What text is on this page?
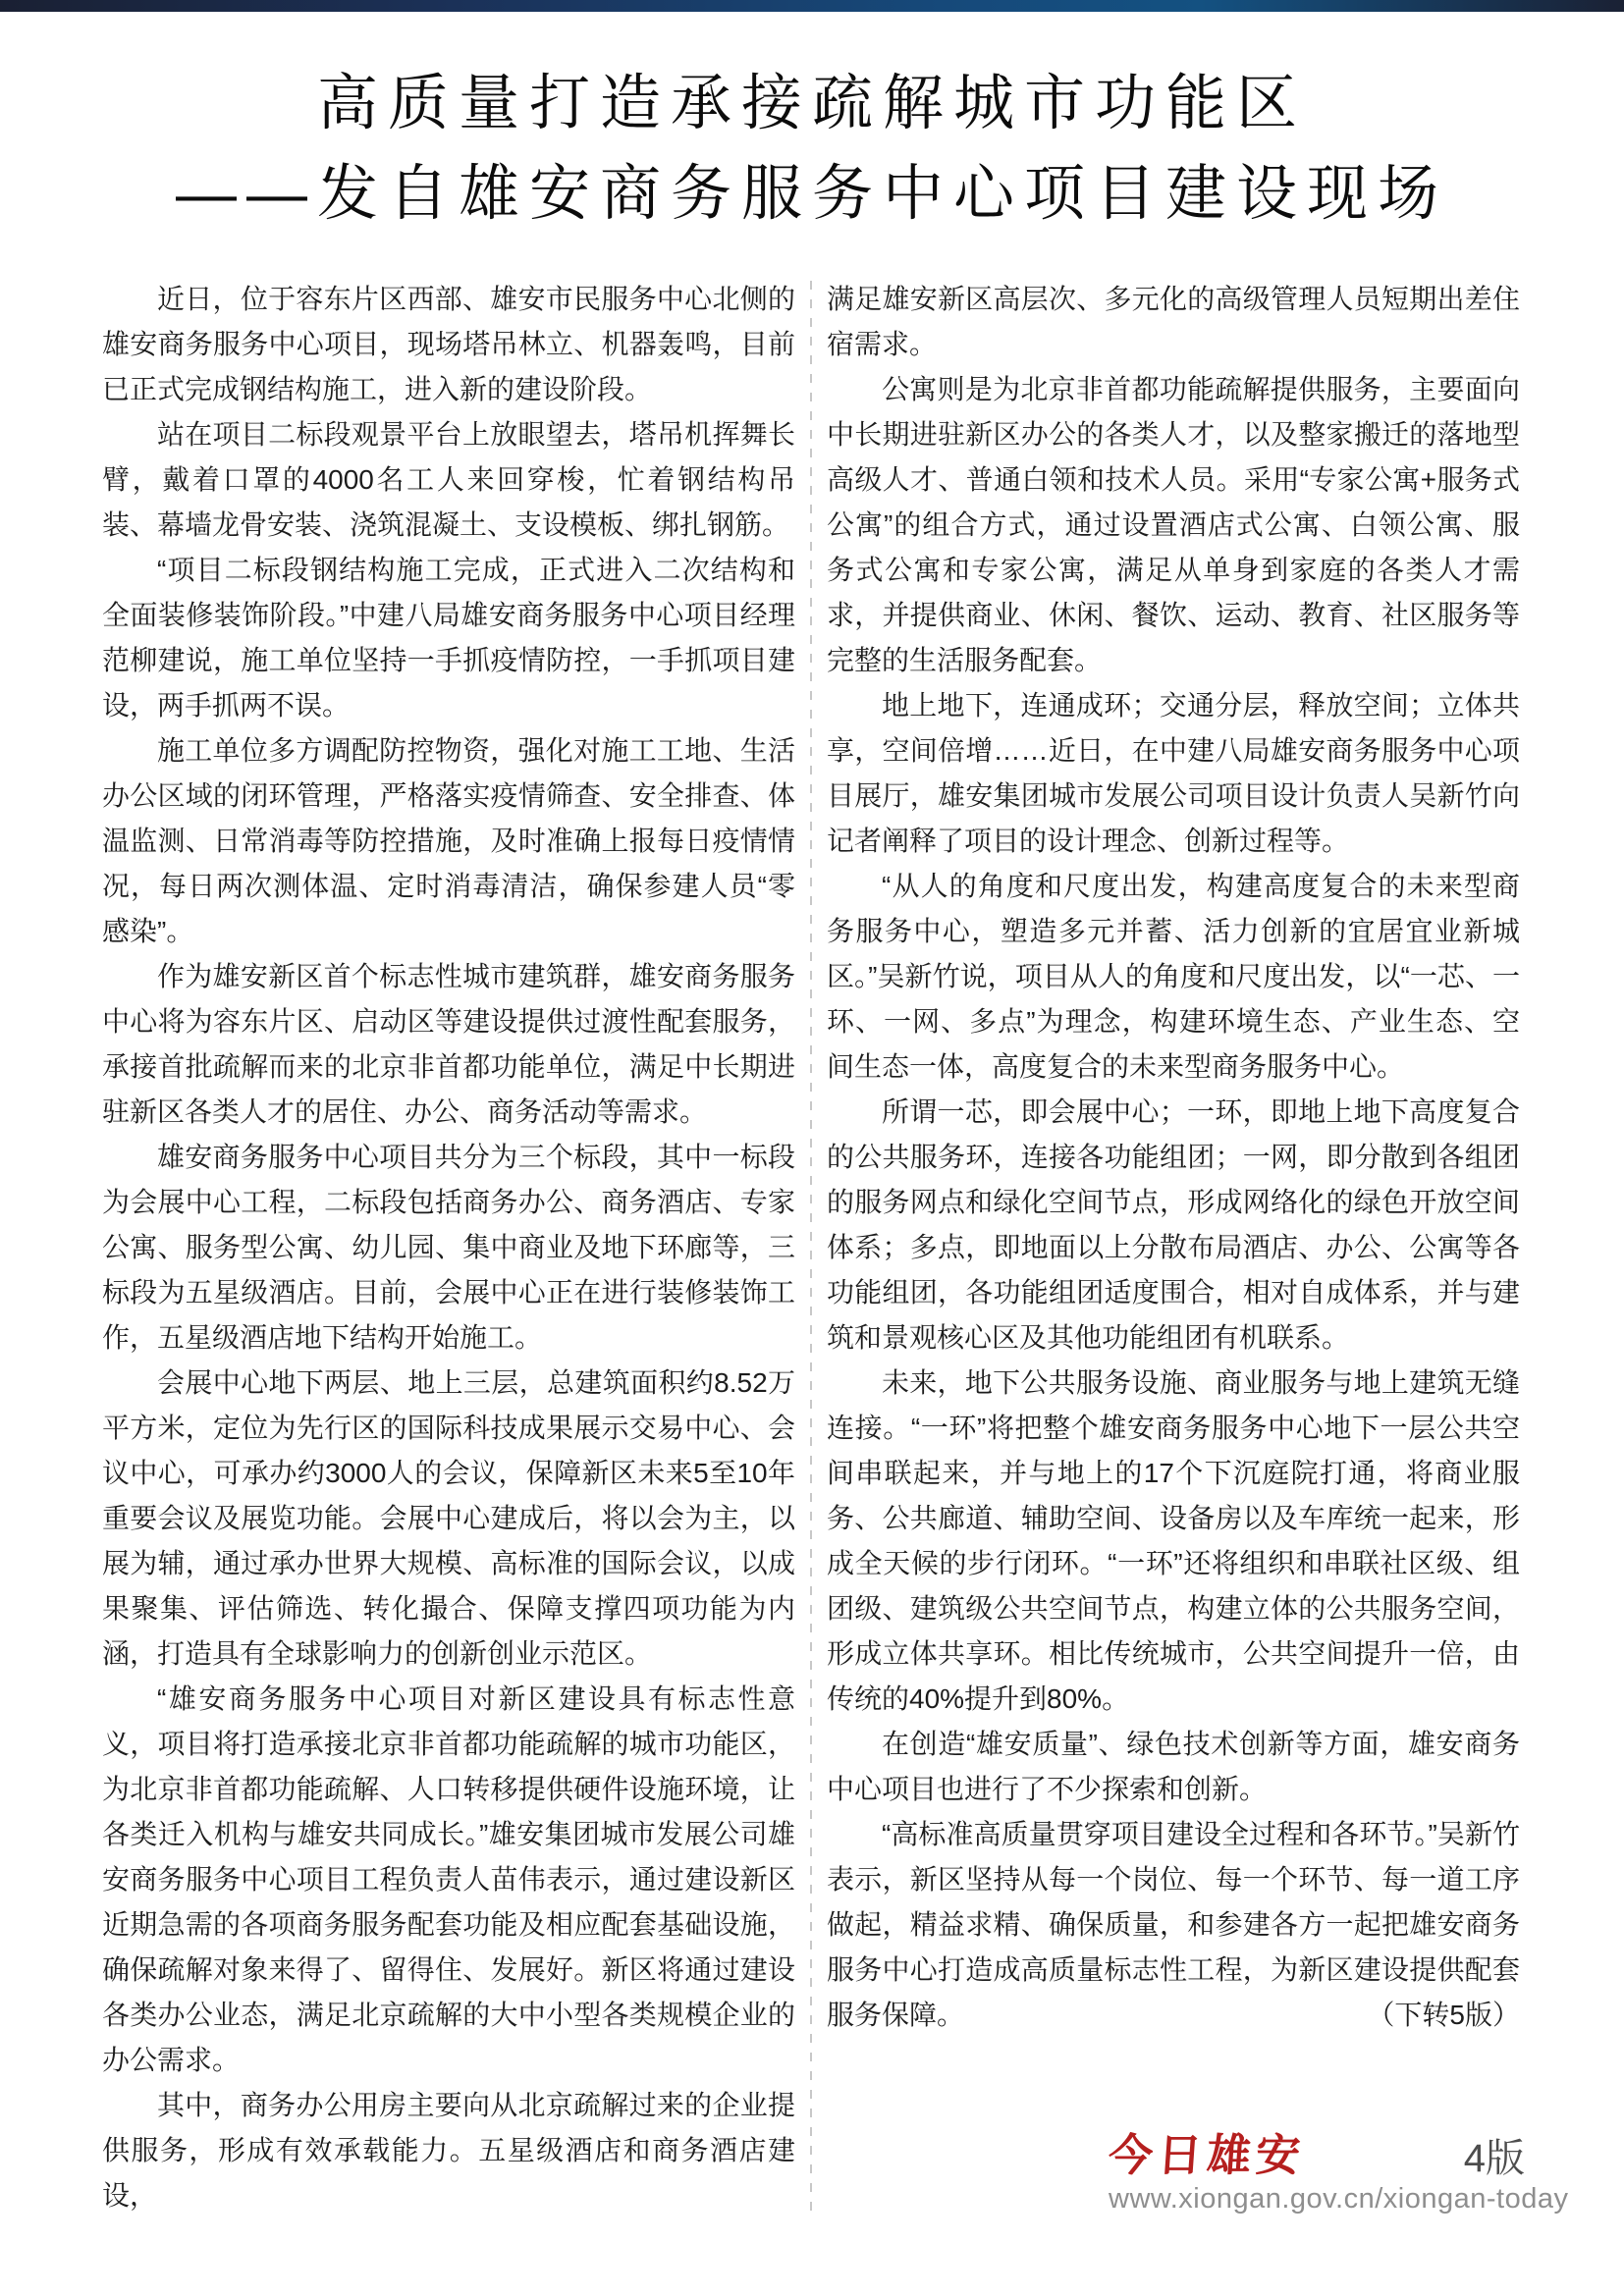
高质量打造承接疏解城市功能区
——发自雄安商务服务中心项目建设现场

近日，位于容东片区西部、雄安市民服务中心北侧的雄安商务服务中心项目，现场塔吊林立、机器轰鸣，目前已正式完成钢结构施工，进入新的建设阶段。

站在项目二标段观景平台上放眼望去，塔吊机挥舞长臂，戴着口罩的4000名工人来回穿梭，忙着钢结构吊装、幕墙龙骨安装、浇筑混凝土、支设模板、绑扎钢筋。

“项目二标段钢结构施工完成，正式进入二次结构和全面装修装饰阶段。”中建八局雄安商务服务中心项目经理范柳建说，施工单位坚持一手抓疫情防控，一手抓项目建设，两手抓两不误。

施工单位多方调配防控物资，强化对施工工地、生活办公区域的闭环管理，严格落实疫情筛查、安全排查、体温监测、日常消毒等防控措施，及时准确上报每日疫情情况，每日两次测体温、定时消毒清洁，确保参建人员“零感染”。

作为雄安新区首个标志性城市建筑群，雄安商务服务中心将为容东片区、启动区等建设提供过渡性配套服务，承接首批疏解而来的北京非首都功能单位，满足中长期进驻新区各类人才的居住、办公、商务活动等需求。

雄安商务服务中心项目共分为三个标段，其中一标段为会展中心工程，二标段包括商务办公、商务酒店、专家公寓、服务型公寓、幼儿园、集中商业及地下环廊等，三标段为五星级酒店。目前，会展中心正在进行装修装饰工作，五星级酒店地下结构开始施工。

会展中心地下两层、地上三层，总建筑面积约8.52万平方米，定位为先行区的国际科技成果展示交易中心、会议中心，可承办约3000人的会议，保障新区未来5至10年重要会议及展览功能。会展中心建成后，将以会为主，以展为辅，通过承办世界大规模、高标准的国际会议，以成果聚集、评估筛选、转化撮合、保障支撑四项功能为内涵，打造具有全球影响力的创新创业示范区。

“雄安商务服务中心项目对新区建设具有标志性意义，项目将打造承接北京非首都功能疏解的城市功能区，为北京非首都功能疏解、人口转移提供硬件设施环境，让各类迁入机构与雄安共同成长。”雄安集团城市发展公司雄安商务服务中心项目工程负责人苗伟表示，通过建设新区近期急需的各项商务服务配套功能及相应配套基础设施，确保疏解对象来得了、留得住、发展好。新区将通过建设各类办公业态，满足北京疏解的大中小型各类规模企业的办公需求。

其中，商务办公用房主要向从北京疏解过来的企业提供服务，形成有效承载能力。五星级酒店和商务酒店建设，

满足雄安新区高层次、多元化的高级管理人员短期出差住宿需求。

公寓则是为北京非首都功能疏解提供服务，主要面向中长期进驻新区办公的各类人才，以及整家搬迁的落地型高级人才、普通白领和技术人员。采用“专家公寓+服务式公寓”的组合方式，通过设置酒店式公寓、白领公寓、服务式公寓和专家公寓，满足从单身到家庭的各类人才需求，并提供商业、休闲、餐饮、运动、教育、社区服务等完整的生活服务配套。

地上地下，连通成环；交通分层，释放空间；立体共享，空间倍增……近日，在中建八局雄安商务服务中心项目展厅，雄安集团城市发展公司项目设计负责人吴新竹向记者阐释了项目的设计理念、创新过程等。

“从人的角度和尺度出发，构建高度复合的未来型商务服务中心，塑造多元并蓄、活力创新的宜居宜业新城区。”吴新竹说，项目从人的角度和尺度出发，以“一芯、一环、一网、多点”为理念，构建环境生态、产业生态、空间生态一体，高度复合的未来型商务服务中心。

所谓一芯，即会展中心；一环，即地上地下高度复合的公共服务环，连接各功能组团；一网，即分散到各组团的服务网点和绿化空间节点，形成网络化的绿色开放空间体系；多点，即地面以上分散布局酒店、办公、公寓等各功能组团，各功能组团适度围合，相对自成体系，并与建筑和景观核心区及其他功能组团有机联系。

未来，地下公共服务设施、商业服务与地上建筑无缝连接。“一环”将把整个雄安商务服务中心地下一层公共空间串联起来，并与地上的17个下沉庭院打通，将商业服务、公共廊道、辅助空间、设备房以及车库统一起来，形成全天候的步行闭环。“一环”还将组织和串联社区级、组团级、建筑级公共空间节点，构建立体的公共服务空间，形成立体共享环。相比传统城市，公共空间提升一倍，由传统的40%提升到80%。

在创造“雄安质量”、绿色技术创新等方面，雄安商务中心项目也进行了不少探索和创新。

“高标准高质量贯穿项目建设全过程和各环节。”吴新竹表示，新区坚持从每一个岗位、每一个环节、每一道工序做起，精益求精、确保质量，和参建各方一起把雄安商务服务中心打造成高质量标志性工程，为新区建设提供配套服务保障。	（下转5版）
今日雄安	4版
www.xiongan.gov.cn/xiongan-today
